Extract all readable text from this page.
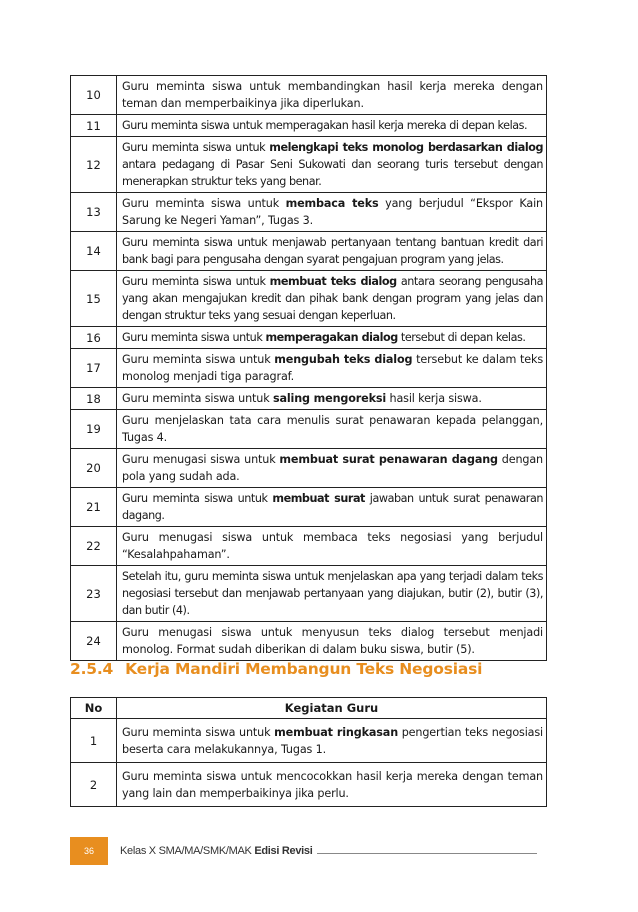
10	Guru meminta siswa untuk membandingkan hasil kerja mereka dengan teman dan memperbaikinya jika diperlukan.
11	Guru meminta siswa untuk memperagakan hasil kerja mereka di depan kelas.
12	Guru meminta siswa untuk melengkapi teks monolog berdasarkan dialog antara pedagang di Pasar Seni Sukowati dan seorang turis tersebut dengan menerapkan struktur teks yang benar.
13	Guru meminta siswa untuk membaca teks yang berjudul “Ekspor Kain Sarung ke Negeri Yaman”, Tugas 3.
14	Guru meminta siswa untuk menjawab pertanyaan tentang bantuan kredit dari bank bagi para pengusaha dengan syarat pengajuan program yang jelas.
15	Guru meminta siswa untuk membuat teks dialog antara seorang pengusaha yang akan mengajukan kredit dan pihak bank dengan program yang jelas dan dengan struktur teks yang sesuai dengan keperluan.
16	Guru meminta siswa untuk memperagakan dialog tersebut di depan kelas.
17	Guru meminta siswa untuk mengubah teks dialog tersebut ke dalam teks monolog menjadi tiga paragraf.
18	Guru meminta siswa untuk saling mengoreksi hasil kerja siswa.
19	Guru menjelaskan tata cara menulis surat penawaran kepada pelanggan, Tugas 4.
20	Guru menugasi siswa untuk membuat surat penawaran dagang dengan pola yang sudah ada.
21	Guru meminta siswa untuk membuat surat jawaban untuk surat penawaran dagang.
22	Guru menugasi siswa untuk membaca teks negosiasi yang berjudul “Kesalahpahaman”.
23	Setelah itu, guru meminta siswa untuk menjelaskan apa yang terjadi dalam teks negosiasi tersebut dan menjawab pertanyaan yang diajukan, butir (2), butir (3), dan butir (4).
24	Guru menugasi siswa untuk menyusun teks dialog tersebut menjadi monolog. Format sudah diberikan di dalam buku siswa, butir (5).
2.5.4 Kerja Mandiri Membangun Teks Negosiasi
No	Kegiatan Guru
1	Guru meminta siswa untuk membuat ringkasan pengertian teks negosiasi beserta cara melakukannya, Tugas 1.
2	Guru meminta siswa untuk mencocokkan hasil kerja mereka dengan teman yang lain dan memperbaikinya jika perlu.
36	Kelas X SMA/MA/SMK/MAK Edisi Revisi
